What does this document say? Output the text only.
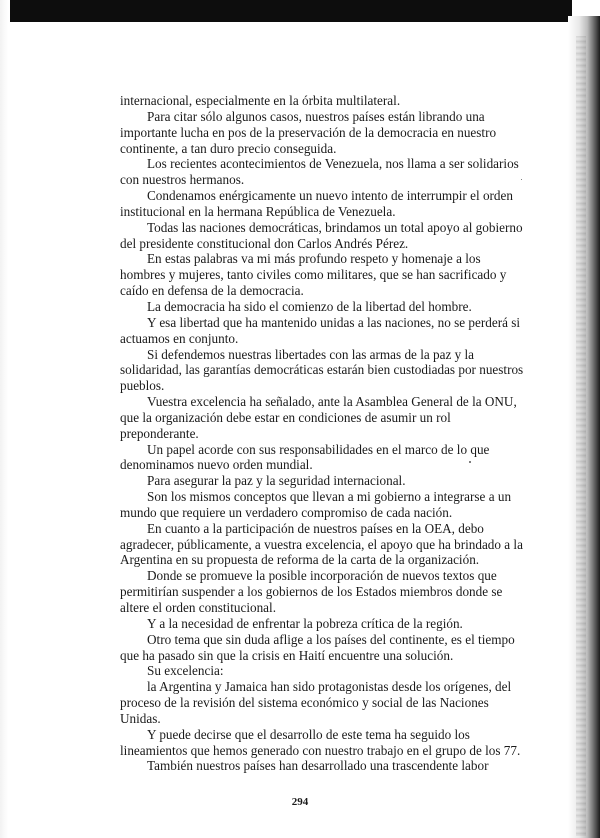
internacional, especialmente en la órbita multilateral.

Para citar sólo algunos casos, nuestros países están librando una

importante lucha en pos de la preservación de la democracia en nuestro

continente, a tan duro precio conseguida.

Los recientes acontecimientos de Venezuela, nos llama a ser solidarios

con nuestros hermanos.

Condenamos enérgicamente un nuevo intento de interrumpir el orden

institucional en la hermana República de Venezuela.

Todas las naciones democráticas, brindamos un total apoyo al gobierno

del presidente constitucional don Carlos Andrés Pérez.

En estas palabras va mi más profundo respeto y homenaje a los

hombres y mujeres, tanto civiles como militares, que se han sacrificado y

caído en defensa de la democracia.

La democracia ha sido el comienzo de la libertad del hombre.

Y esa libertad que ha mantenido unidas a las naciones, no se perderá si

actuamos en conjunto.

Si defendemos nuestras libertades con las armas de la paz y la

solidaridad, las garantías democráticas estarán bien custodiadas por nuestros

pueblos.

Vuestra excelencia ha señalado, ante la Asamblea General de la ONU,

que la organización debe estar en condiciones de asumir un rol

preponderante.

Un papel acorde con sus responsabilidades en el marco de lo que

denominamos nuevo orden mundial.

Para asegurar la paz y la seguridad internacional.

Son los mismos conceptos que llevan a mi gobierno a integrarse a un

mundo que requiere un verdadero compromiso de cada nación.

En cuanto a la participación de nuestros países en la OEA, debo

agradecer, públicamente, a vuestra excelencia, el apoyo que ha brindado a la

Argentina en su propuesta de reforma de la carta de la organización.

Donde se promueve la posible incorporación de nuevos textos que

permitirían suspender a los gobiernos de los Estados miembros donde se

altere el orden constitucional.

Y a la necesidad de enfrentar la pobreza crítica de la región.

Otro tema que sin duda aflige a los países del continente, es el tiempo

que ha pasado sin que la crisis en Haití encuentre una solución.

Su excelencia:

la Argentina y Jamaica han sido protagonistas desde los orígenes, del

proceso de la revisión del sistema económico y social de las Naciones

Unidas.

Y puede decirse que el desarrollo de este tema ha seguido los

lineamientos que hemos generado con nuestro trabajo en el grupo de los 77.

También nuestros países han desarrollado una trascendente labor

294
